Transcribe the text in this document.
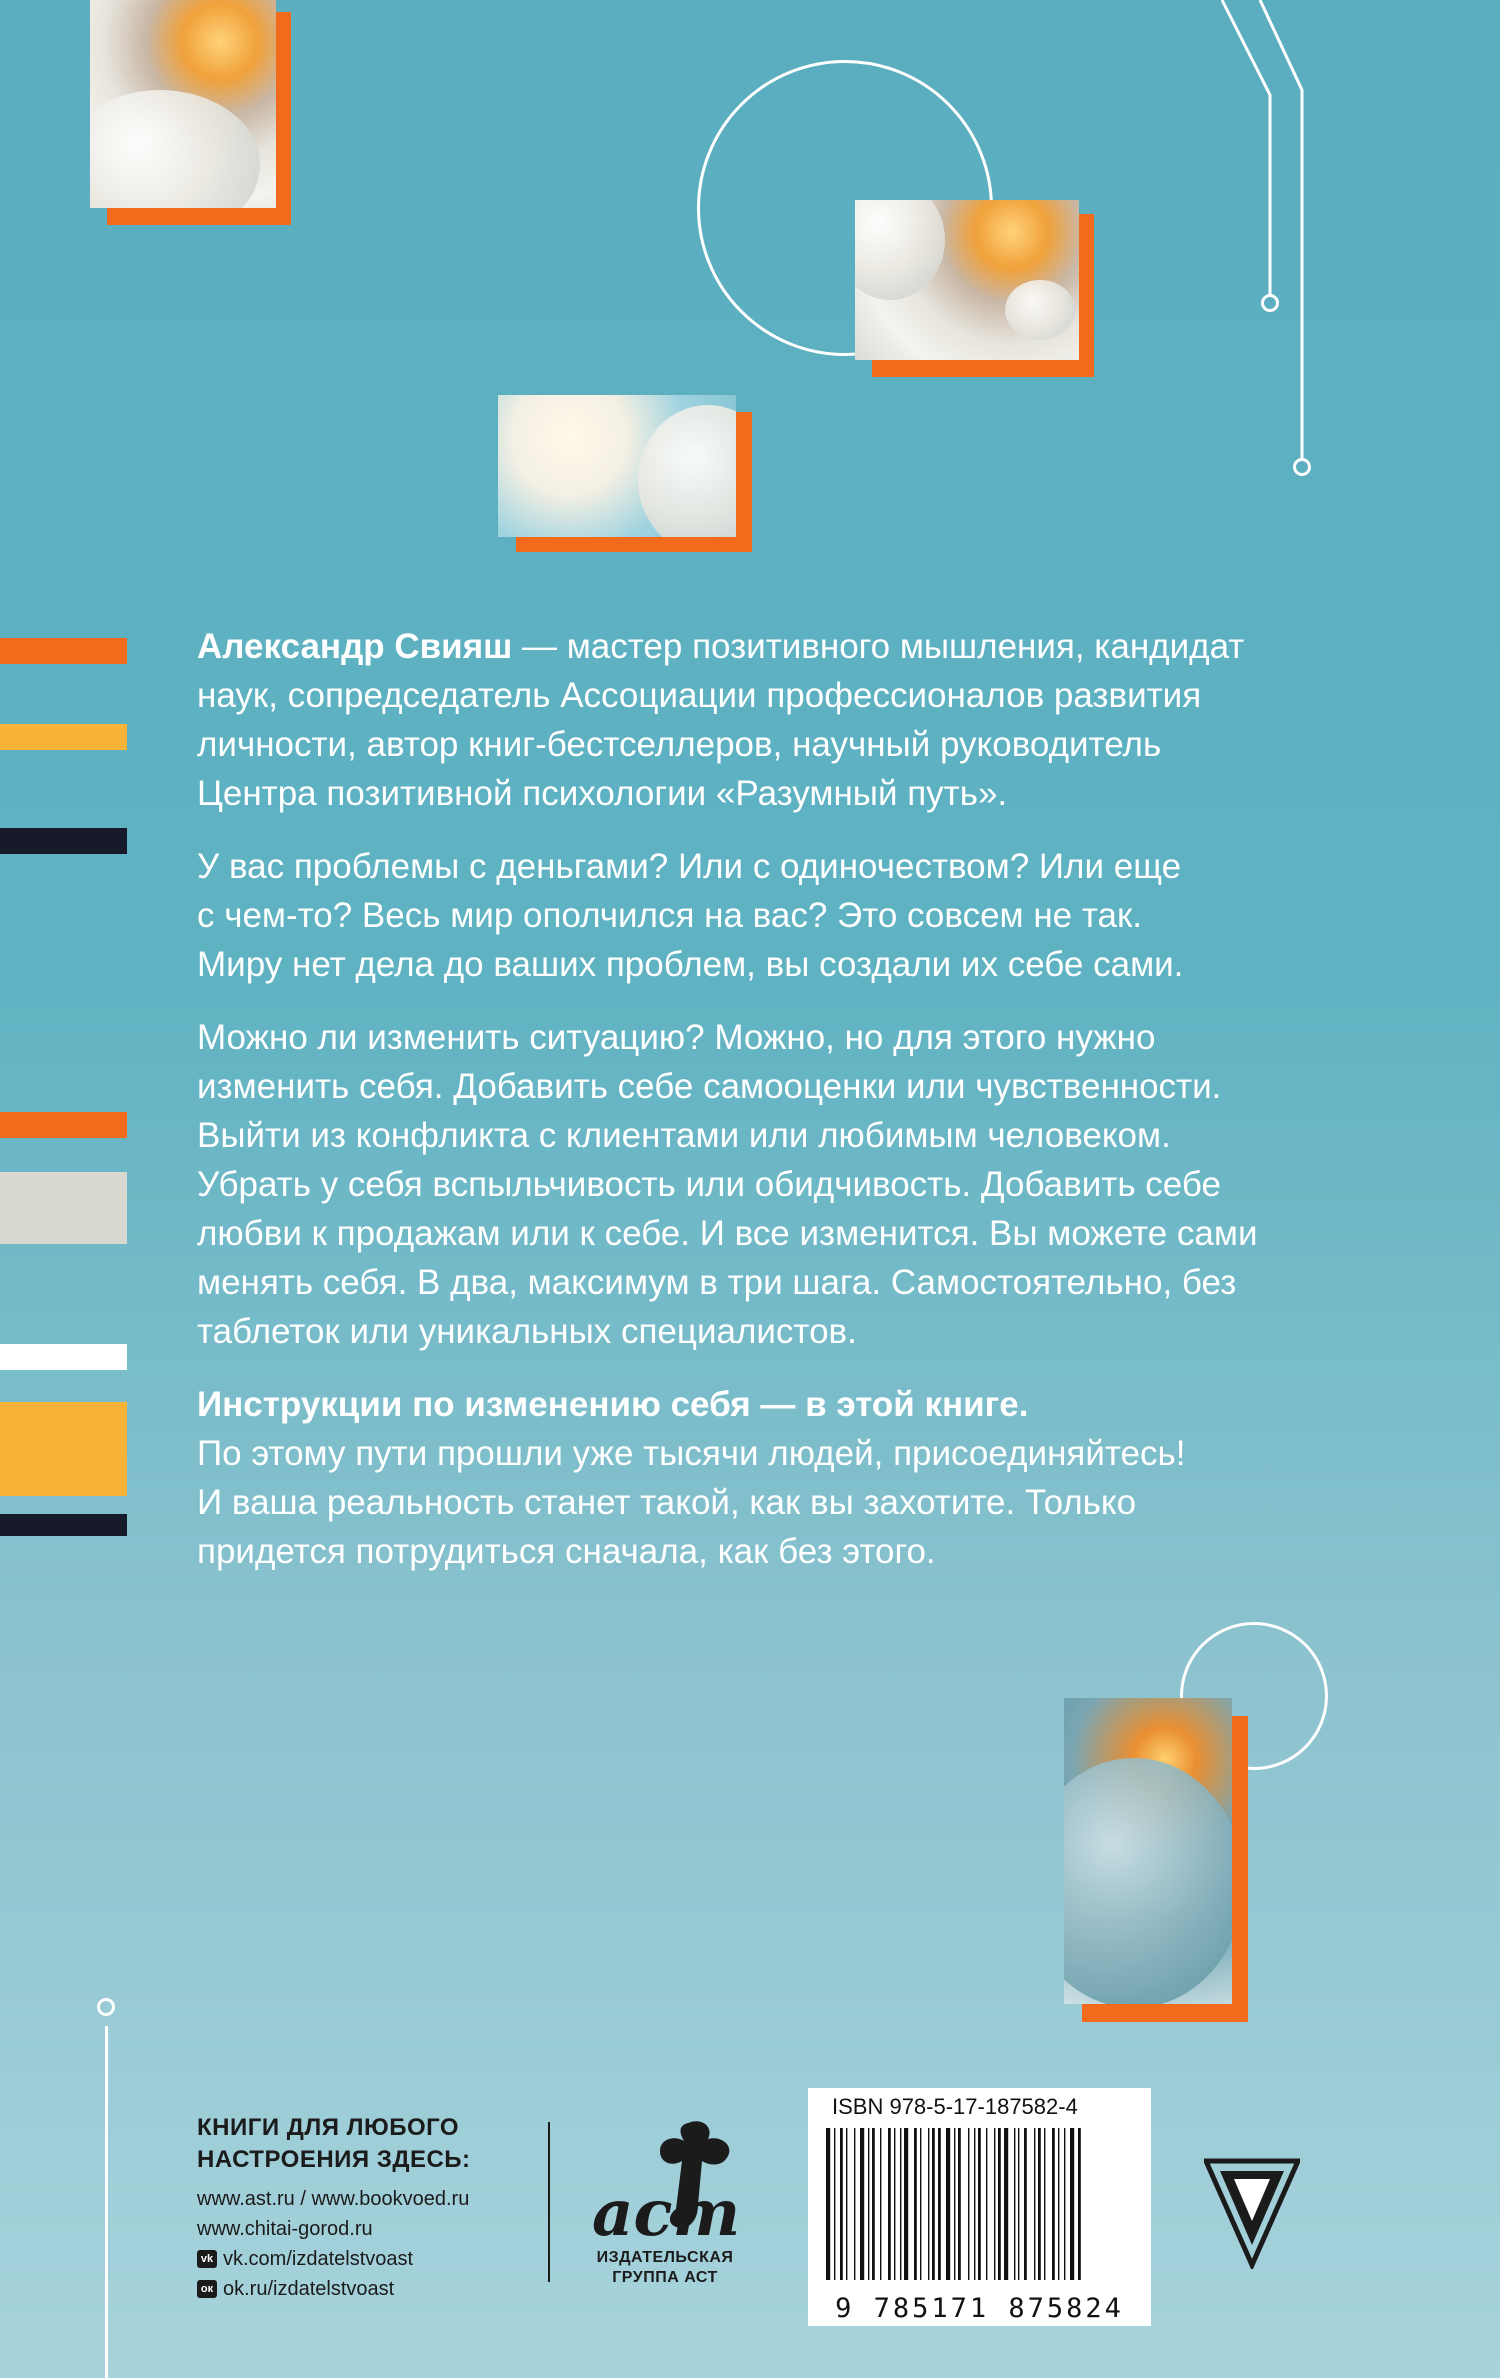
Александр Свияш — мастер позитивного мышления, кандидат
наук, сопредседатель Ассоциации профессионалов развития
личности, автор книг-бестселлеров, научный руководитель
Центра позитивной психологии «Разумный путь».

У вас проблемы с деньгами? Или с одиночеством? Или еще
с чем-то? Весь мир ополчился на вас? Это совсем не так.
Миру нет дела до ваших проблем, вы создали их себе сами.

Можно ли изменить ситуацию? Можно, но для этого нужно
изменить себя. Добавить себе самооценки или чувственности.
Выйти из конфликта с клиентами или любимым человеком.
Убрать у себя вспыльчивость или обидчивость. Добавить себе
любви к продажам или к себе. И все изменится. Вы можете сами
менять себя. В два, максимум в три шага. Самостоятельно, без
таблеток или уникальных специалистов.

Инструкции по изменению себя — в этой книге.
По этому пути прошли уже тысячи людей, присоединяйтесь!
И ваша реальность станет такой, как вы захотите. Только
придется потрудиться сначала, как без этого.

КНИГИ ДЛЯ ЛЮБОГО
НАСТРОЕНИЯ ЗДЕСЬ:
www.ast.ru / www.bookvoed.ru
www.chitai-gorod.ru
vk vk.com/izdatelstvoast
ок ok.ru/izdatelstvoast
аст
ИЗДАТЕЛЬСКАЯ
ГРУППА АСТ
ISBN 978-5-17-187582-4
9 785171 875824
